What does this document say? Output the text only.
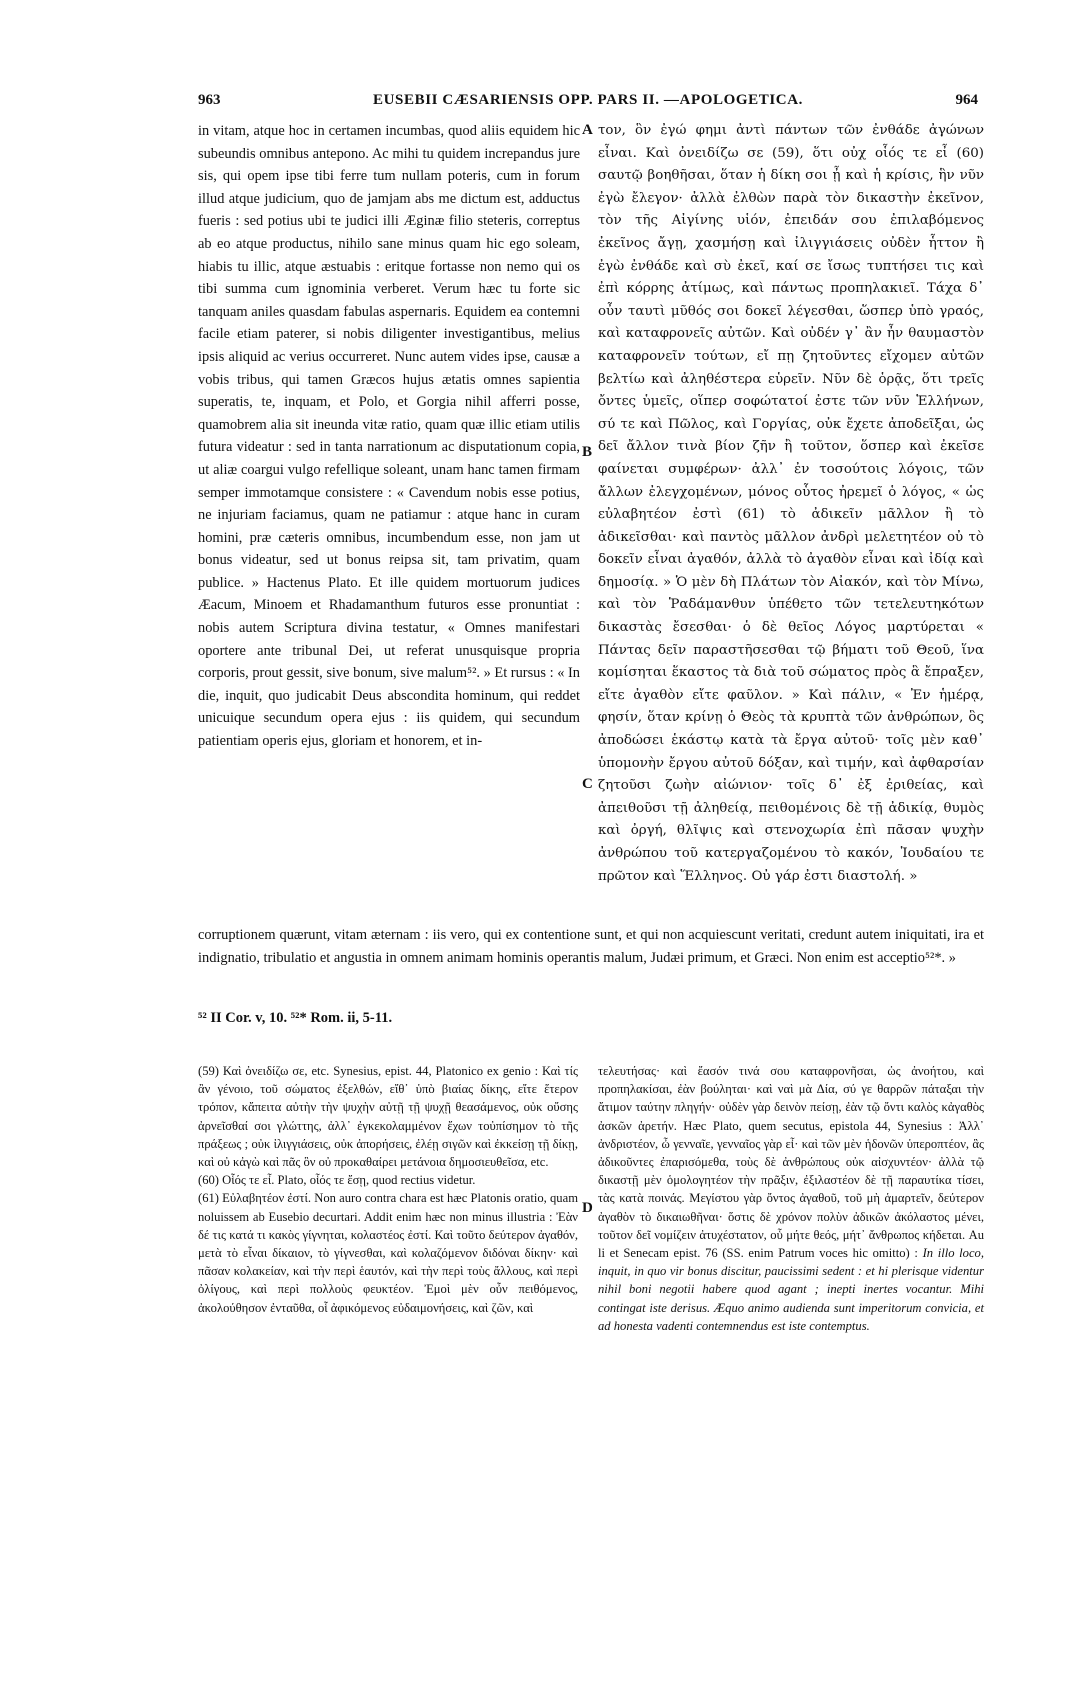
963	EUSEBII CÆSARIENSIS OPP. PARS II. —APOLOGETICA.	964

in vitam, atque hoc in certamen incumbas, quod aliis equidem hic subeundis omnibus antepono. Ac mihi tu quidem increpandus jure sis, qui opem ipse tibi ferre tum nullam poteris, cum in forum illud atque judicium, quo de jamjam abs me dictum est, adductus fueris : sed potius ubi te judici illi Æginæ filio steteris, correptus ab eo atque productus, nihilo sane minus quam hic ego soleam, hiabis tu illic, atque æstuabis : eritque fortasse non nemo qui os tibi summa cum ignominia verberet. Verum hæc tu forte sic tanquam aniles quasdam fabulas aspernaris. Equidem ea contemni facile etiam paterer, si nobis diligenter investigantibus, melius ipsis aliquid ac verius occurreret. Nunc autem vides ipse, causæ a vobis tribus, qui tamen Græcos hujus ætatis omnes sapientia superatis, te, inquam, et Polo, et Gorgia nihil afferri posse, quamobrem alia sit ineunda vitæ ratio, quam quæ illic etiam utilis futura videatur : sed in tanta narrationum ac disputationum copia, ut aliæ coargui vulgo refellique soleant, unam hanc tamen firmam semper immotamque consistere : « Cavendum nobis esse potius, ne injuriam faciamus, quam ne patiamur : atque hanc in curam homini, præ cæteris omnibus, incumbendum esse, non jam ut bonus videatur, sed ut bonus reipsa sit, tam privatim, quam publice. » Hactenus Plato. Et ille quidem mortuorum judices Æacum, Minoem et Rhadamanthum futuros esse pronuntiat : nobis autem Scriptura divina testatur, « Omnes manifestari oportere ante tribunal Dei, ut referat unusquisque propria corporis, prout gessit, sive bonum, sive malum⁵². » Et rursus : « In die, inquit, quo judicabit Deus abscondita hominum, qui reddet unicuique secundum opera ejus : iis quidem, qui secundum patientiam operis ejus, gloriam et honorem, et in-

A
B
C
D

τον, ὃν ἐγώ φημι ἀντὶ πάντων τῶν ἐνθάδε ἀγώνων εἶναι. Καὶ ὀνειδίζω σε (59), ὅτι οὐχ οἷός τε εἶ (60) σαυτῷ βοηθῆσαι, ὅταν ἡ δίκη σοι ᾖ καὶ ἡ κρίσις, ἣν νῦν ἐγὼ ἔλεγον· ἀλλὰ ἐλθὼν παρὰ τὸν δικαστὴν ἐκεῖνον, τὸν τῆς Αἰγίνης υἱόν, ἐπειδάν σου ἐπιλαβόμενος ἐκεῖνος ἄγῃ, χασμήσῃ καὶ ἰλιγγιάσεις οὐδὲν ἧττον ἢ ἐγὼ ἐνθάδε καὶ σὺ ἐκεῖ, καί σε ἴσως τυπτήσει τις καὶ ἐπὶ κόρρης ἀτίμως, καὶ πάντως προπηλακιεῖ. Τάχα δ᾽ οὖν ταυτὶ μῦθός σοι δοκεῖ λέγεσθαι, ὥσπερ ὑπὸ γραός, καὶ καταφρονεῖς αὐτῶν. Καὶ οὐδέν γ᾽ ἂν ἦν θαυμαστὸν καταφρονεῖν τούτων, εἴ πῃ ζητοῦντες εἴχομεν αὐτῶν βελτίω καὶ ἀληθέστερα εὑρεῖν. Νῦν δὲ ὁρᾷς, ὅτι τρεῖς ὄντες ὑμεῖς, οἵπερ σοφώτατοί ἐστε τῶν νῦν Ἑλλήνων, σύ τε καὶ Πῶλος, καὶ Γοργίας, οὐκ ἔχετε ἀποδεῖξαι, ὡς δεῖ ἄλλον τινὰ βίον ζῆν ἢ τοῦτον, ὅσπερ καὶ ἐκεῖσε φαίνεται συμφέρων· ἀλλ᾽ ἐν τοσούτοις λόγοις, τῶν ἄλλων ἐλεγχομένων, μόνος οὗτος ἠρεμεῖ ὁ λόγος, « ὡς εὐλαβητέον ἐστὶ (61) τὸ ἀδικεῖν μᾶλλον ἢ τὸ ἀδικεῖσθαι· καὶ παντὸς μᾶλλον ἀνδρὶ μελετητέον οὐ τὸ δοκεῖν εἶναι ἀγαθόν, ἀλλὰ τὸ ἀγαθὸν εἶναι καὶ ἰδίᾳ καὶ δημοσίᾳ. » Ὁ μὲν δὴ Πλάτων τὸν Αἰακόν, καὶ τὸν Μίνω, καὶ τὸν Ῥαδάμανθυν ὑπέθετο τῶν τετελευτηκότων δικαστὰς ἔσεσθαι· ὁ δὲ θεῖος Λόγος μαρτύρεται « Πάντας δεῖν παραστῆσεσθαι τῷ βήματι τοῦ Θεοῦ, ἵνα κομίσηται ἕκαστος τὰ διὰ τοῦ σώματος πρὸς ἃ ἔπραξεν, εἴτε ἀγαθὸν εἴτε φαῦλον. » Καὶ πάλιν, « Ἐν ἡμέρᾳ, φησίν, ὅταν κρίνῃ ὁ Θεὸς τὰ κρυπτὰ τῶν ἀνθρώπων, ὃς ἀποδώσει ἑκάστῳ κατὰ τὰ ἔργα αὐτοῦ· τοῖς μὲν καθ᾽ ὑπομονὴν ἔργου αὐτοῦ δόξαν, καὶ τιμήν, καὶ ἀφθαρσίαν ζητοῦσι ζωὴν αἰώνιον· τοῖς δ᾽ ἐξ ἐριθείας, καὶ ἀπειθοῦσι τῇ ἀληθείᾳ, πειθομένοις δὲ τῇ ἀδικίᾳ, θυμὸς καὶ ὀργή, θλῖψις καὶ στενοχωρία ἐπὶ πᾶσαν ψυχὴν ἀνθρώπου τοῦ κατεργαζομένου τὸ κακόν, Ἰουδαίου τε πρῶτον καὶ Ἕλληνος. Οὐ γάρ ἐστι διαστολή. »

corruptionem quærunt, vitam æternam : iis vero, qui ex contentione sunt, et qui non acquiescunt veritati, credunt autem iniquitati, ira et indignatio, tribulatio et angustia in omnem animam hominis operantis malum, Judæi primum, et Græci. Non enim est acceptio⁵²*. »

⁵² II Cor. v, 10. ⁵²* Rom. ii, 5-11.

(59) Καὶ ὀνειδίζω σε, etc. Synesius, epist. 44, Platonico ex genio : Καὶ τίς ἂν γένοιο, τοῦ σώματος ἐξελθών, εἴθ᾽ ὑπὸ βιαίας δίκης, εἴτε ἕτερον τρόπον, κἄπειτα αὐτὴν τὴν ψυχὴν αὐτῇ τῇ ψυχῇ θεασάμενος, οὐκ οὔσης ἀρνεῖσθαί σοι γλώττης, ἀλλ᾽ ἐγκεκολαμμένον ἔχων τοὐπίσημον τὸ τῆς πράξεως ; οὐκ ἰλιγγιάσεις, οὐκ ἀπορήσεις, ἐλέῃ σιγῶν καὶ ἐκκείσῃ τῇ δίκῃ, καὶ οὐ κἀγὼ καὶ πᾶς ὃν οὐ προκαθαίρει μετάνοια δημοσιευθεῖσα, etc.

(60) Οἷός τε εἶ. Plato, οἷός τε ἔσῃ, quod rectius videtur.

(61) Εὐλαβητέον ἐστί. Non auro contra chara est hæc Platonis oratio, quam noluissem ab Eusebio decurtari. Addit enim hæc non minus illustria : Ἐὰν δέ τις κατά τι κακὸς γίγνηται, κολαστέος ἐστί. Καὶ τοῦτο δεύτερον ἀγαθόν, μετὰ τὸ εἶναι δίκαιον, τὸ γίγνεσθαι, καὶ κολαζόμενον διδόναι δίκην· καὶ πᾶσαν κολακείαν, καὶ τὴν περὶ ἑαυτόν, καὶ τὴν περὶ τοὺς ἄλλους, καὶ περὶ ὀλίγους, καὶ περὶ πολλοὺς φευκτέον. Ἐμοὶ μὲν οὖν πειθόμενος, ἀκολούθησον ἐνταῦθα, οἷ ἀφικόμενος εὐδαιμονήσεις, καὶ ζῶν, καὶ

τελευτήσας· καὶ ἔασόν τινά σου καταφρονῆσαι, ὡς ἀνοήτου, καὶ προπηλακίσαι, ἐὰν βούληται· καὶ ναὶ μὰ Δία, σύ γε θαρρῶν πάταξαι τὴν ἄτιμον ταύτην πληγήν· οὐδὲν γὰρ δεινὸν πείσῃ, ἐὰν τῷ ὄντι καλὸς κἀγαθὸς ἀσκῶν ἀρετήν. Hæc Plato, quem secutus, epistola 44, Synesius : Ἀλλ᾽ ἀνδριστέον, ὦ γενναῖε, γενναῖος γὰρ εἶ· καὶ τῶν μὲν ἡδονῶν ὑπεροπτέον, ἃς ἀδικοῦντες ἐπαρισόμεθα, τοὺς δὲ ἀνθρώπους οὐκ αἰσχυντέον· ἀλλὰ τῷ δικαστῇ μὲν ὁμολογητέον τὴν πρᾶξιν, ἐξιλαστέον δὲ τῇ παραυτίκα τίσει, τὰς κατὰ ποινάς. Μεγίστου γὰρ ὄντος ἀγαθοῦ, τοῦ μὴ ἁμαρτεῖν, δεύτερον ἀγαθὸν τὸ δικαιωθῆναι· ὅστις δὲ χρόνον πολὺν ἀδικῶν ἀκόλαστος μένει, τοῦτον δεῖ νομίζειν ἀτυχέστατον, οὗ μήτε θεός, μήτ᾽ ἄνθρωπος κήδεται. Au li et Senecam epist. 76 (SS. enim Patrum voces hic omitto) : In illo loco, inquit, in quo vir bonus discitur, paucissimi sedent : et hi plerisque videntur nihil boni negotii habere quod agant ; inepti inertes vocantur. Mihi contingat iste derisus. Æquo animo audienda sunt imperitorum convicia, et ad honesta vadenti contemnendus est iste contemptus.
